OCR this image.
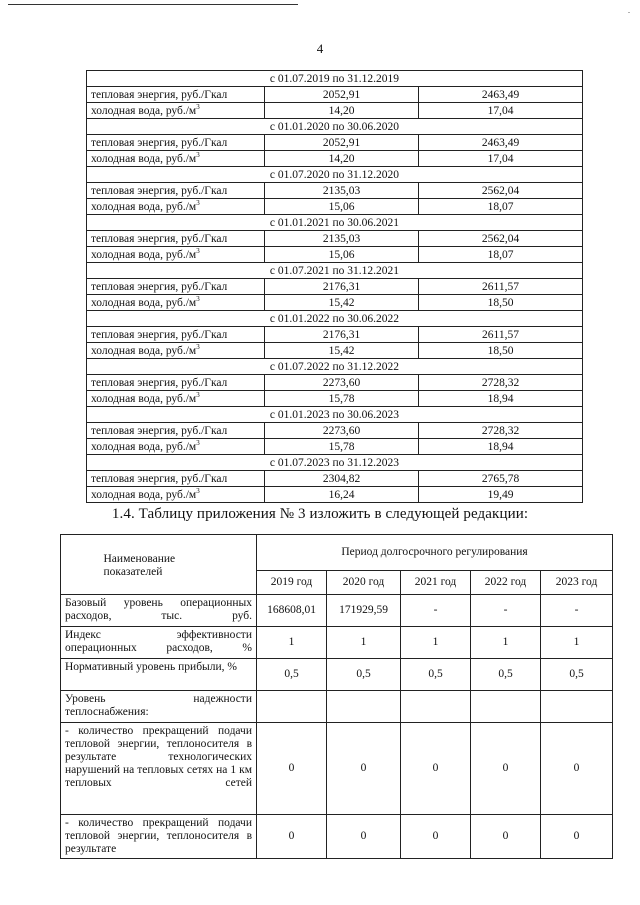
.
4
с 01.07.2019 по 31.12.2019		
тепловая энергия, руб./Гкал	2052,91	2463,49
холодная вода, $руб./м^3$	14,20	17,04
с 01.01.2020 по 30.06.2020		
тепловая энергия, руб./Гкал	2052,91	2463,49
холодная вода, $руб./м^3$	14,20	17,04
с 01.07.2020 по 31.12.2020		
тепловая энергия, руб./Гкал	2135,03	2562,04
холодная вода, $руб./м^3$	15,06	18,07
с 01.01.2021 по 30.06.2021		
тепловая энергия, руб./Гкал	2135,03	2562,04
холодная вода, $руб./м^3$	15,06	18,07
с 01.07.2021 по 31.12.2021		
тепловая энергия, руб./Гкал	2176,31	2611,57
холодная вода, $руб./м^3$	15,42	18,50
с 01.01.2022 по 30.06.2022		
тепловая энергия, руб./Гкал	2176,31	2611,57
холодная вода, $руб./м^3$	15,42	18,50
с 01.07.2022 по 31.12.2022		
тепловая энергия, руб./Гкал	2273,60	2728,32
холодная вода, $руб./м^3$	15,78	18,94
с 01.01.2023 по 30.06.2023		
тепловая энергия, руб./Гкал	2273,60	2728,32
холодная вода, $руб./м^3$	15,78	18,94
с 01.07.2023 по 31.12.2023		
тепловая энергия, руб./Гкал	2304,82	2765,78
холодная вода, $руб./м^3$	16,24	19,49
1.4. Таблицу приложения № 3 изложить в следующей редакции:
Наименование показателей	Период долгосрочного регулирования				
	2019 год	2020 год	2021 год	2022 год	2023 год
Базовый уровень операционных расходов, тыс. руб.	168608,01	171929,59	-	-	-
Индекс эффективности операционных расходов, %	1	1	1	1	1
Нормативный уровень прибыли, %	0,5	0,5	0,5	0,5	0,5
Уровень надежности теплоснабжения:					
- количество прекращений подачи тепловой энергии, теплоносителя в результате технологических нарушений на тепловых сетях на 1 км тепловых сетей	0	0	0	0	0
- количество прекращений подачи тепловой энергии, теплоносителя в результате	0	0	0	0	0
